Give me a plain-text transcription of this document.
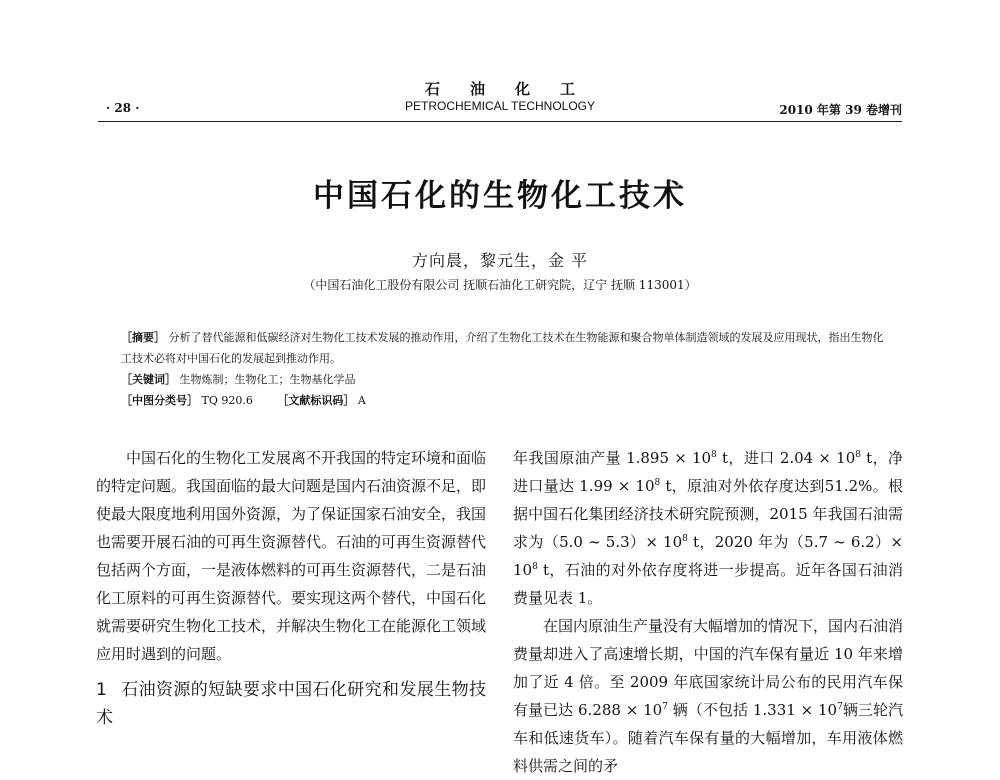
石油化工
· 28 ·	PETROCHEMICAL TECHNOLOGY	2010 年第 39 卷增刊
中国石化的生物化工技术
方向晨，黎元生，金 平
（中国石油化工股份有限公司 抚顺石油化工研究院，辽宁 抚顺 113001）

［摘要］ 分析了替代能源和低碳经济对生物化工技术发展的推动作用，介绍了生物化工技术在生物能源和聚合物单体制造领域的发展及应用现状，指出生物化工技术必将对中国石化的发展起到推动作用。

［关键词］ 生物炼制；生物化工；生物基化学品

［中图分类号］ TQ 920.6 ［文献标识码］ A

中国石化的生物化工发展离不开我国的特定环境和面临的特定问题。我国面临的最大问题是国内石油资源不足，即使最大限度地利用国外资源，为了保证国家石油安全，我国也需要开展石油的可再生资源替代。石油的可再生资源替代包括两个方面，一是液体燃料的可再生资源替代，二是石油化工原料的可再生资源替代。要实现这两个替代，中国石化就需要研究生物化工技术，并解决生物化工在能源化工领域应用时遇到的问题。

1 石油资源的短缺要求中国石化研究和发展生物技术
年我国原油产量 $1.895 \times 10^8$ t，进口 $2.04 \times 10^8$ t，净进口量达 $1.99 \times 10^8$ t，原油对外依存度达到51.2%。根据中国石化集团经济技术研究院预测，2015 年我国石油需求为（5.0 ~ $5.3)\times 10^8$ t，2020 年为（5.7 ~ $6.2)\times 10^8$ t，石油的对外依存度将进一步提高。近年各国石油消费量见表 1。

在国内原油生产量没有大幅增加的情况下，国内石油消费量却进入了高速增长期，中国的汽车保有量近 10 年来增加了近 4 倍。至 2009 年底国家统计局公布的民用汽车保有量已达 $6.288 \times 10^7$ 辆（不包括 $1.331 \times 10^7$辆三轮汽车和低速货车）。随着汽车保有量的大幅增加，车用液体燃料供需之间的矛
